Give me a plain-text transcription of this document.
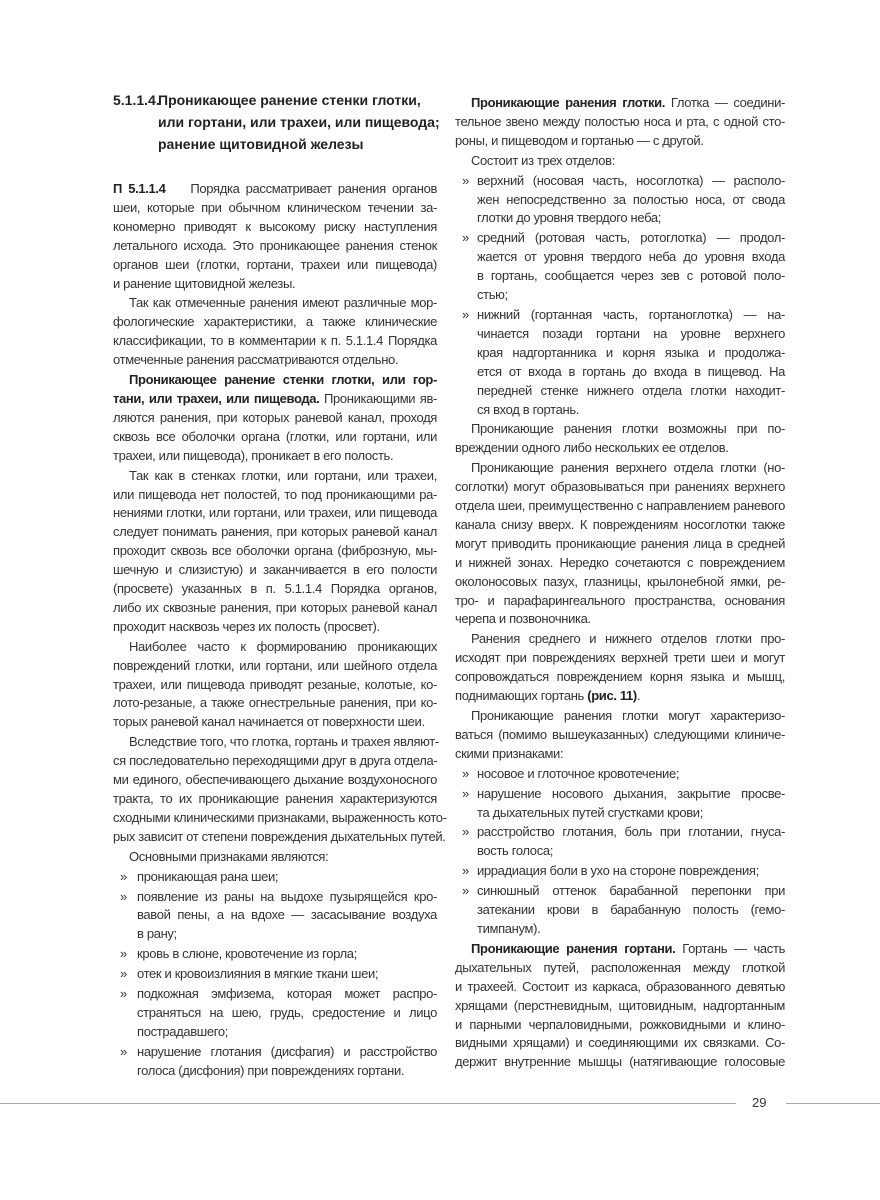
5.1.1.4.
Проникающее ранение стенки глотки,
или гортани, или трахеи, или пищевода;
ранение щитовидной железы
П 5.1.1.4    Порядка рассматривает ранения органов
шеи, которые при обычном клиническом течении за-
кономерно приводят к высокому риску наступления
летального исхода. Это проникающее ранения стенок
органов шеи (глотки, гортани, трахеи или пищевода)
и ранение щитовидной железы.
Так как отмеченные ранения имеют различные мор-
фологические характеристики, а также клинические
классификации, то в комментарии к п. 5.1.1.4 Порядка
отмеченные ранения рассматриваются отдельно.
Проникающее ранение стенки глотки, или гор-
тани, или трахеи, или пищевода. Проникающими яв-
ляются ранения, при которых раневой канал, проходя
сквозь все оболочки органа (глотки, или гортани, или
трахеи, или пищевода), проникает в его полость.
Так как в стенках глотки, или гортани, или трахеи,
или пищевода нет полостей, то под проникающими ра-
нениями глотки, или гортани, или трахеи, или пищевода
следует понимать ранения, при которых раневой канал
проходит сквозь все оболочки органа (фиброзную, мы-
шечную и слизистую) и заканчивается в его полости
(просвете) указанных в п. 5.1.1.4 Порядка органов,
либо их сквозные ранения, при которых раневой канал
проходит насквозь через их полость (просвет).
Наиболее часто к формированию проникающих
повреждений глотки, или гортани, или шейного отдела
трахеи, или пищевода приводят резаные, колотые, ко-
лото-резаные, а также огнестрельные ранения, при ко-
торых раневой канал начинается от поверхности шеи.
Вследствие того, что глотка, гортань и трахея являют-
ся последовательно переходящими друг в друга отдела-
ми единого, обеспечивающего дыхание воздухоносного
тракта, то их проникающие ранения характеризуются
сходными клиническими признаками, выраженность кото-
рых зависит от степени повреждения дыхательных путей.
Основными признаками являются:
» проникающая рана шеи;
» появление из раны на выдохе пузырящейся кро-
вавой пены, а на вдохе — засасывание воздуха
в рану;
» кровь в слюне, кровотечение из горла;
» отек и кровоизлияния в мягкие ткани шеи;
» подкожная эмфизема, которая может распро-
страняться на шею, грудь, средостение и лицо
пострадавшего;
» нарушение глотания (дисфагия) и расстройство
голоса (дисфония) при повреждениях гортани.
Проникающие ранения глотки. Глотка — соедини-
тельное звено между полостью носа и рта, с одной сто-
роны, и пищеводом и гортанью — с другой.
Состоит из трех отделов:
» верхний (носовая часть, носоглотка) — располо-
жен непосредственно за полостью носа, от свода
глотки до уровня твердого неба;
» средний (ротовая часть, ротоглотка) — продол-
жается от уровня твердого неба до уровня входа
в гортань, сообщается через зев с ротовой поло-
стью;
» нижний (гортанная часть, гортаноглотка) — на-
чинается позади гортани на уровне верхнего
края надгортанника и корня языка и продолжа-
ется от входа в гортань до входа в пищевод. На
передней стенке нижнего отдела глотки находит-
ся вход в гортань.
Проникающие ранения глотки возможны при по-
вреждении одного либо нескольких ее отделов.
Проникающие ранения верхнего отдела глотки (но-
соглотки) могут образовываться при ранениях верхнего
отдела шеи, преимущественно с направлением раневого
канала снизу вверх. К повреждениям носоглотки также
могут приводить проникающие ранения лица в средней
и нижней зонах. Нередко сочетаются с повреждением
околоносовых пазух, глазницы, крылонебной ямки, ре-
тро- и парафарингеального пространства, основания
черепа и позвоночника.
Ранения среднего и нижнего отделов глотки про-
исходят при повреждениях верхней трети шеи и могут
сопровождаться повреждением корня языка и мышц,
поднимающих гортань (рис. 11).
Проникающие ранения глотки могут характеризо-
ваться (помимо вышеуказанных) следующими клиниче-
скими признаками:
» носовое и глоточное кровотечение;
» нарушение носового дыхания, закрытие просве-
та дыхательных путей сгустками крови;
» расстройство глотания, боль при глотании, гнуса-
вость голоса;
» иррадиация боли в ухо на стороне повреждения;
» синюшный оттенок барабанной перепонки при
затекании крови в барабанную полость (гемо-
тимпанум).
Проникающие ранения гортани. Гортань — часть
дыхательных путей, расположенная между глоткой
и трахеей. Состоит из каркаса, образованного девятью
хрящами (перстневидным, щитовидным, надгортанным
и парными черпаловидными, рожковидными и клино-
видными хрящами) и соединяющими их связками. Со-
держит внутренние мышцы (натягивающие голосовые
29
